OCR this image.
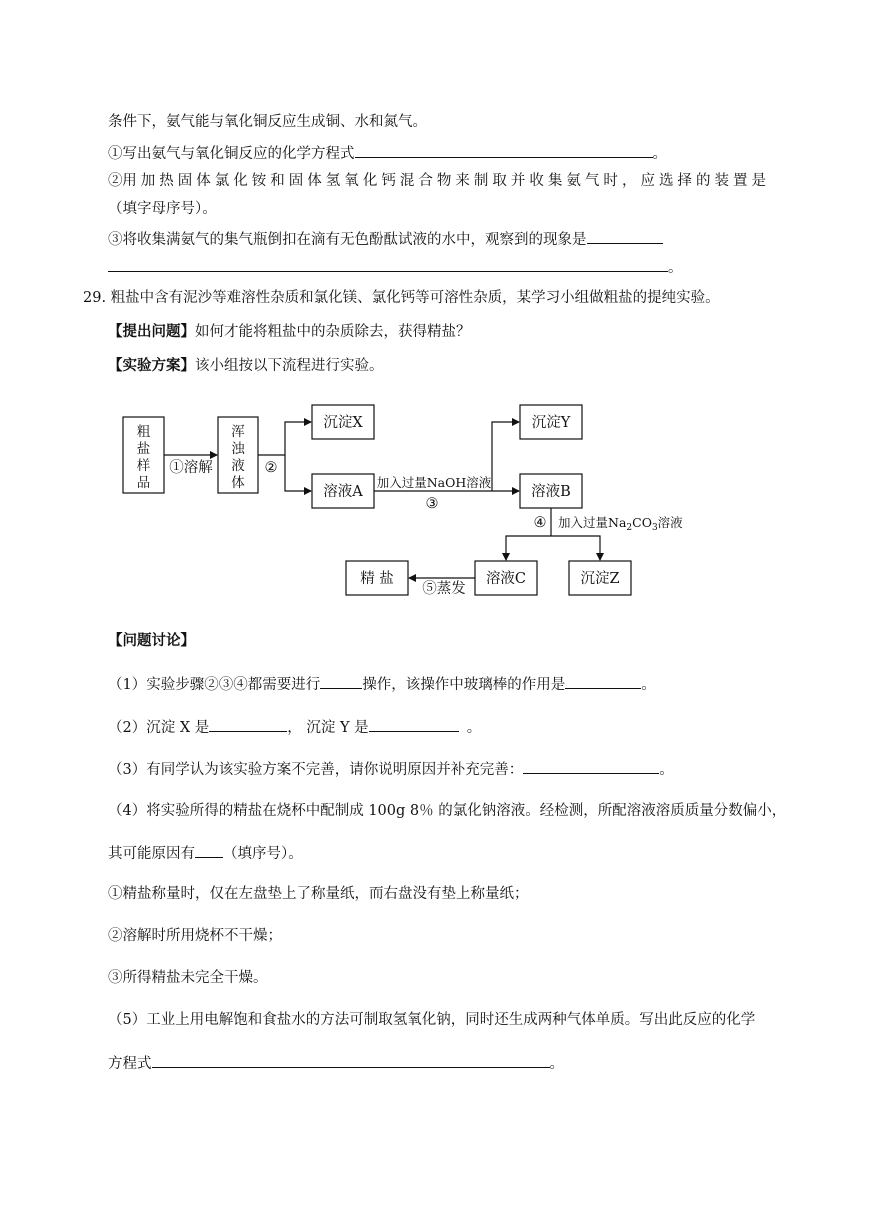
条件下，氨气能与氧化铜反应生成铜、水和氮气。
①写出氨气与氧化铜反应的化学方程式	。
②用 加 热 固 体 氯 化 铵 和 固 体 氢 氧 化 钙 混 合 物 来 制 取 并 收 集 氨 气 时 ， 应 选 择 的 装 置 是
（填字母序号）。
③将收集满氨气的集气瓶倒扣在滴有无色酚酞试液的水中，观察到的现象是
。
29. 粗盐中含有泥沙等难溶性杂质和氯化镁、氯化钙等可溶性杂质，某学习小组做粗盐的提纯实验。
【提出问题】如何才能将粗盐中的杂质除去，获得精盐？
【实验方案】该小组按以下流程进行实验。
粗
盐
样
品
浑
浊
液
体
①溶解	②
沉淀X
溶液A
沉淀Y
溶液B
精 盐	溶液C	沉淀Z
③
④
⑤蒸发
加入过量NaOH溶液
加入过量$Na_2CO_3$溶液
【问题讨论】
（1）实验步骤②③④都需要进行	操作，该操作中玻璃棒的作用是	。
（2）沉淀 X 是	， 沉淀 Y 是	。
（3）有同学认为该实验方案不完善，请你说明原因并补充完善：	。
（4）将实验所得的精盐在烧杯中配制成 100g 8％ 的氯化钠溶液。经检测，所配溶液溶质质量分数偏小，
其可能原因有 （填序号）。
①精盐称量时，仅在左盘垫上了称量纸，而右盘没有垫上称量纸；
②溶解时所用烧杯不干燥；
③所得精盐未完全干燥。
（5）工业上用电解饱和食盐水的方法可制取氢氧化钠，同时还生成两种气体单质。写出此反应的化学
方程式	。
